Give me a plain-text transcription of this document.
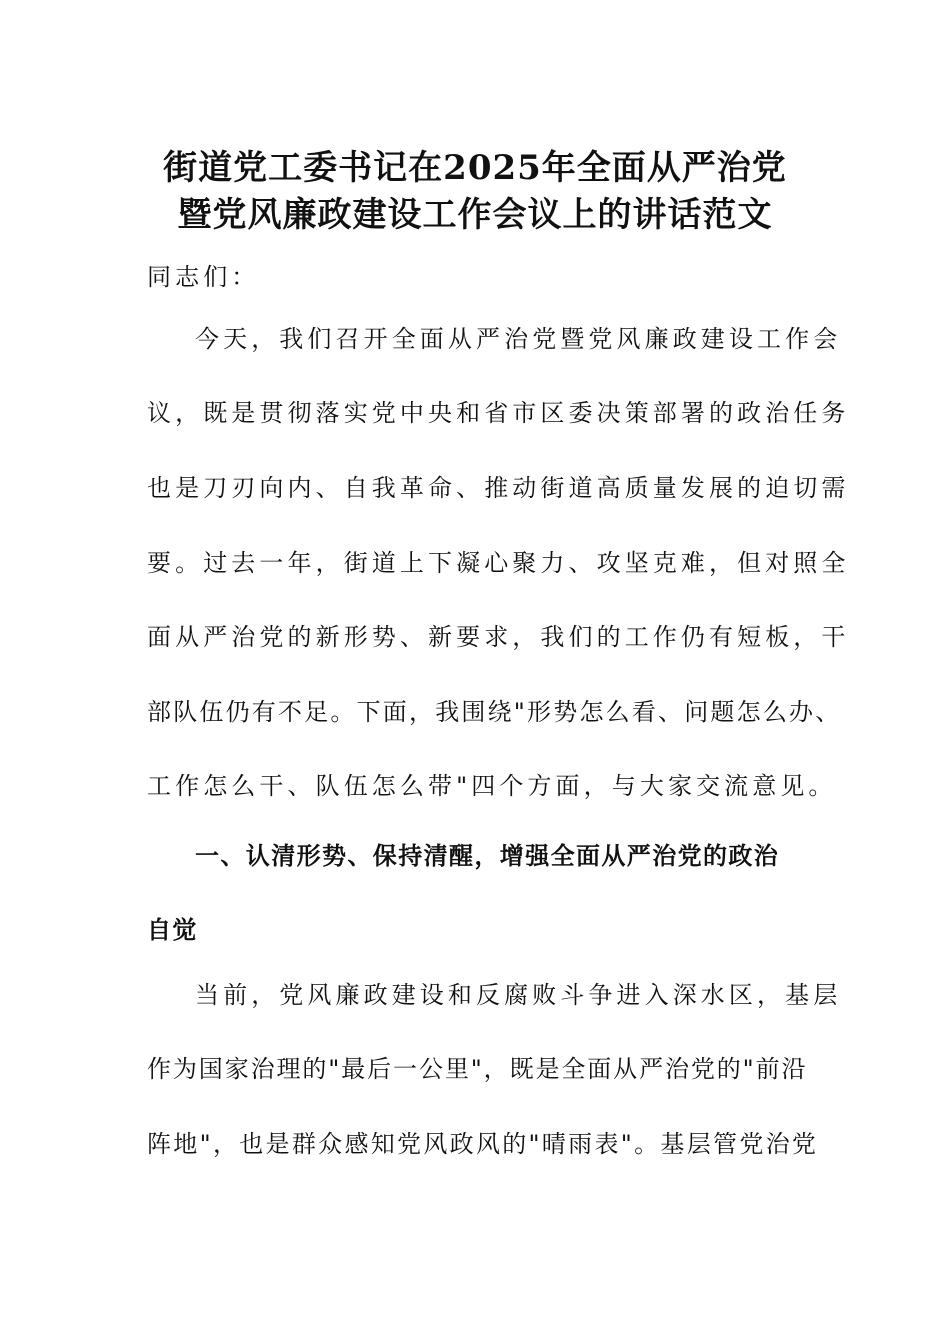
街道党工委书记在2025年全面从严治党
暨党风廉政建设工作会议上的讲话范文
同志们：
今天，我们召开全面从严治党暨党风廉政建设工作会
议，既是贯彻落实党中央和省市区委决策部署的政治任务
也是刀刃向内、自我革命、推动街道高质量发展的迫切需
要。过去一年，街道上下凝心聚力、攻坚克难，但对照全
面从严治党的新形势、新要求，我们的工作仍有短板，干
部队伍仍有不足。下面，我围绕"形势怎么看、问题怎么办、
工作怎么干、队伍怎么带"四个方面，与大家交流意见。
一、认清形势、保持清醒，增强全面从严治党的政治
自觉
当前，党风廉政建设和反腐败斗争进入深水区，基层
作为国家治理的"最后一公里"，既是全面从严治党的"前沿
阵地"，也是群众感知党风政风的"晴雨表"。基层管党治党
